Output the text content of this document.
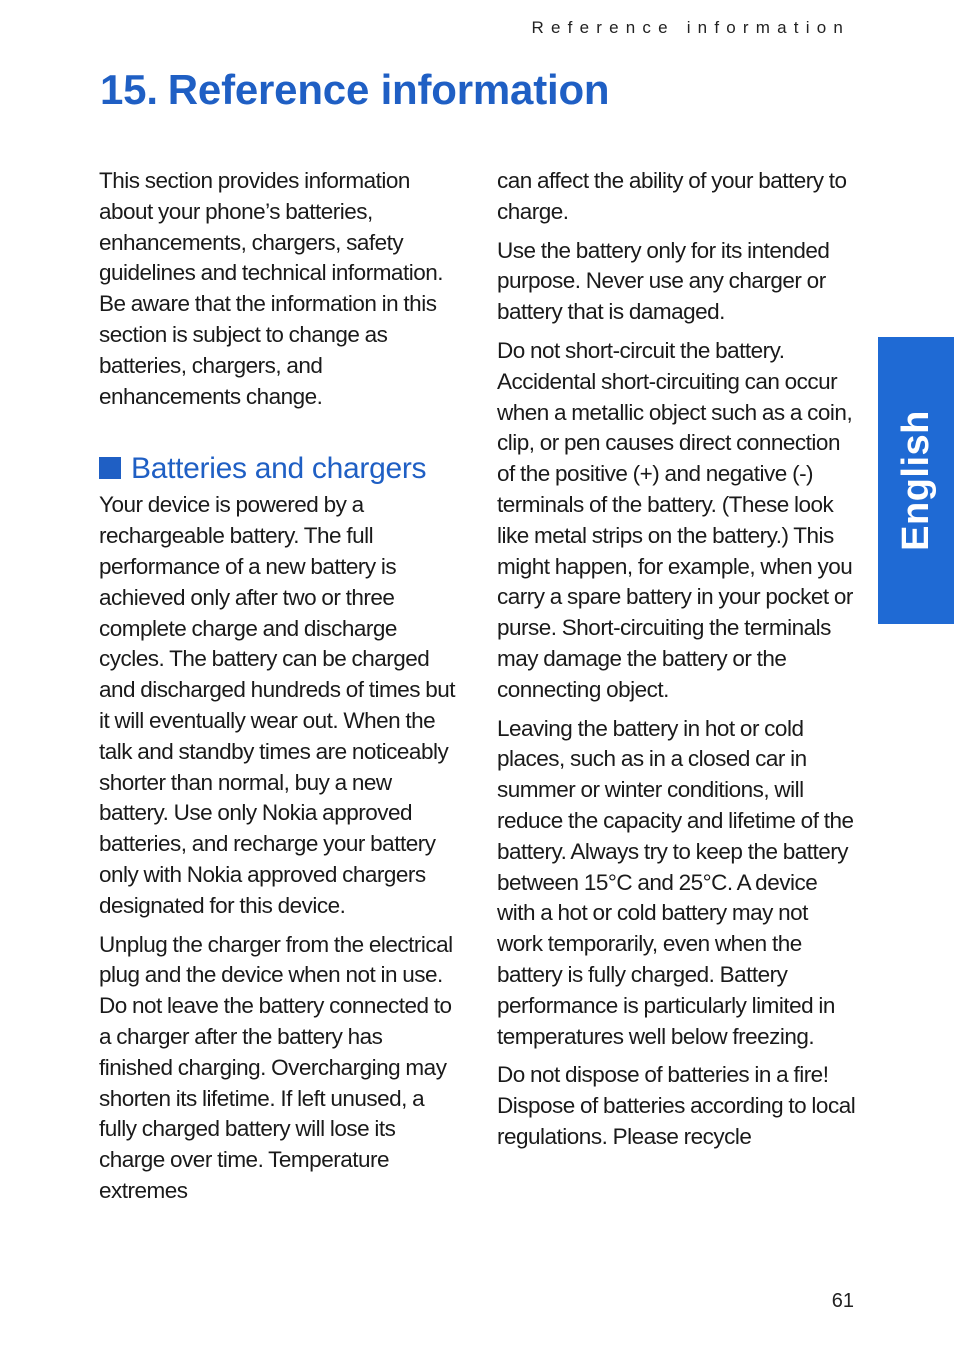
Reference information
15. Reference information

This section provides information about your phone’s batteries, enhancements, chargers, safety guidelines and technical information. Be aware that the information in this section is subject to change as batteries, chargers, and enhancements change.

Batteries and chargers

Your device is powered by a rechargeable battery. The full performance of a new battery is achieved only after two or three complete charge and discharge cycles. The battery can be charged and discharged hundreds of times but it will eventually wear out. When the talk and standby times are noticeably shorter than normal, buy a new battery. Use only Nokia approved batteries, and recharge your battery only with Nokia approved chargers designated for this device.

Unplug the charger from the electrical plug and the device when not in use. Do not leave the battery connected to a charger after the battery has finished charging. Overcharging may shorten its lifetime. If left unused, a fully charged battery will lose its charge over time. Temperature extremes

can affect the ability of your battery to charge.

Use the battery only for its intended purpose. Never use any charger or battery that is damaged.

Do not short-circuit the battery. Accidental short-circuiting can occur when a metallic object such as a coin, clip, or pen causes direct connection of the positive (+) and negative (-) terminals of the battery. (These look like metal strips on the battery.) This might happen, for example, when you carry a spare battery in your pocket or purse. Short-circuiting the terminals may damage the battery or the connecting object.

Leaving the battery in hot or cold places, such as in a closed car in summer or winter conditions, will reduce the capacity and lifetime of the battery. Always try to keep the battery between 15°C and 25°C. A device with a hot or cold battery may not work temporarily, even when the battery is fully charged. Battery performance is particularly limited in temperatures well below freezing.

Do not dispose of batteries in a fire! Dispose of batteries according to local regulations. Please recycle

English
61
